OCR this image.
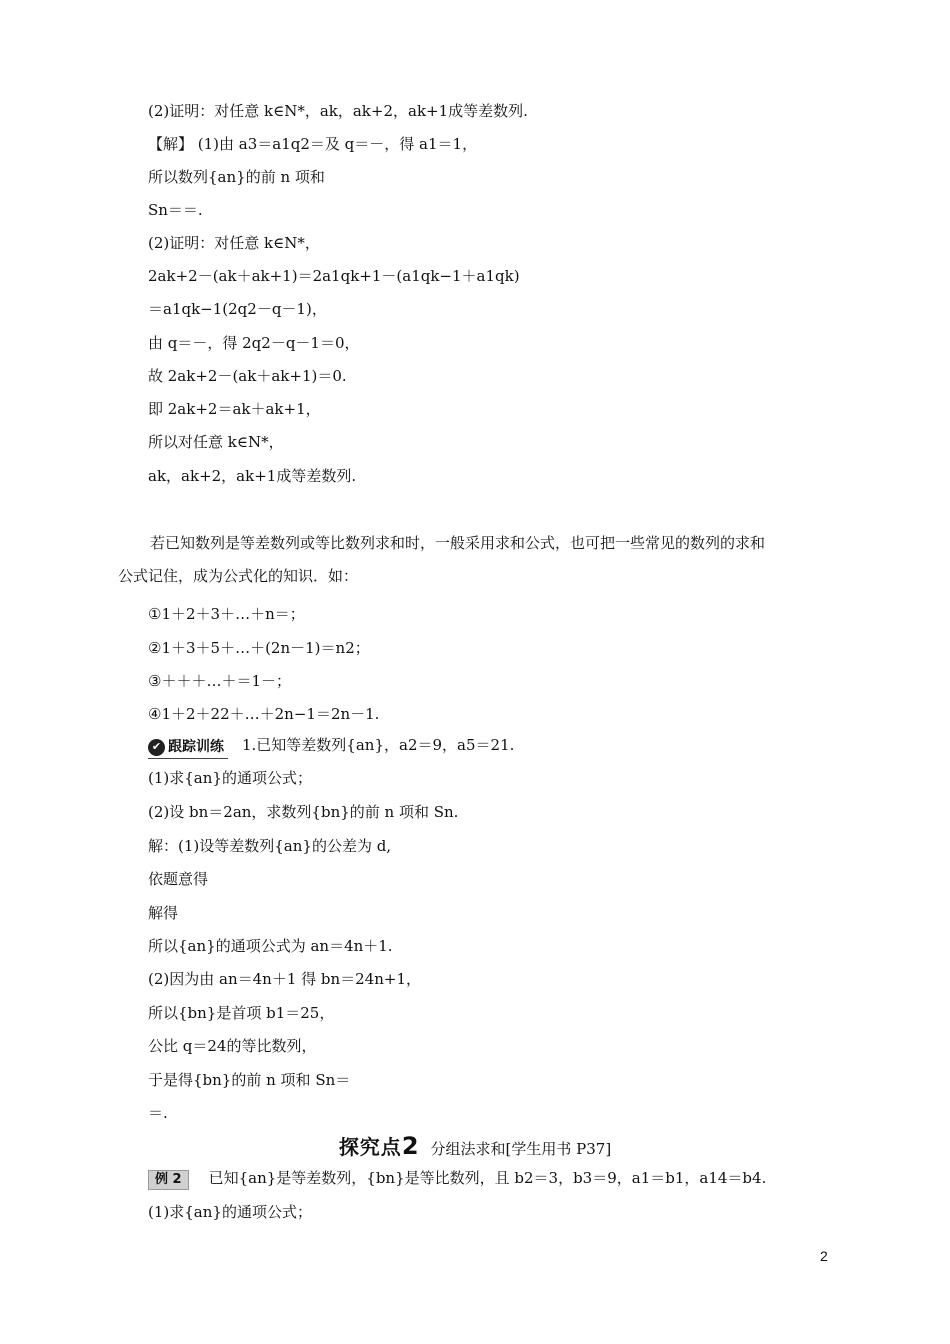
(2)证明：对任意 k∈N*，ak，ak+2，ak+1成等差数列.
【解】 (1)由 a3＝a1q2＝及 q＝－，得 a1＝1，
所以数列{an}的前 n 项和
Sn＝＝.
(2)证明：对任意 k∈N*，
2ak+2－(ak＋ak+1)＝2a1qk+1－(a1qk−1＋a1qk)
＝a1qk−1(2q2－q－1)，
由 q＝－，得 2q2－q－1＝0，
故 2ak+2－(ak＋ak+1)＝0.
即 2ak+2＝ak＋ak+1，
所以对任意 k∈N*，
ak，ak+2，ak+1成等差数列.
若已知数列是等差数列或等比数列求和时，一般采用求和公式，也可把一些常见的数列的求和
公式记住，成为公式化的知识．如：
①1＋2＋3＋…＋n＝；
②1＋3＋5＋…＋(2n－1)＝n2；
③＋＋＋…＋＝1－；
④1＋2＋22＋…＋2n−1＝2n－1.
✔ 跟踪训练 1.已知等差数列{an}，a2＝9，a5＝21.
(1)求{an}的通项公式；
(2)设 bn＝2an，求数列{bn}的前 n 项和 Sn.
解：(1)设等差数列{an}的公差为 d,
依题意得
解得
所以{an}的通项公式为 an＝4n＋1.
(2)因为由 an＝4n＋1 得 bn＝24n+1，
所以{bn}是首项 b1＝25，
公比 q＝24的等比数列，
于是得{bn}的前 n 项和 Sn＝
＝.
探究点2 分组法求和[学生用书 P37]
例 2 已知{an}是等差数列，{bn}是等比数列，且 b2＝3，b3＝9，a1＝b1，a14＝b4.
(1)求{an}的通项公式；
2
